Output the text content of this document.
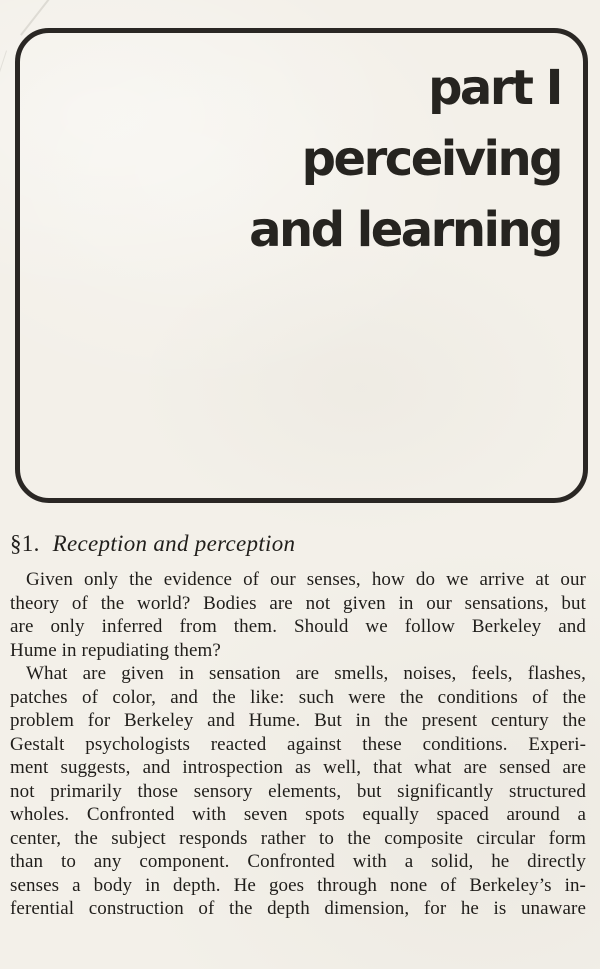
part I
perceiving
and learning
§1. Reception and perception
Given only the evidence of our senses, how do we arrive at our
theory of the world? Bodies are not given in our sensations, but
are only inferred from them. Should we follow Berkeley and
Hume in repudiating them?
What are given in sensation are smells, noises, feels, flashes,
patches of color, and the like: such were the conditions of the
problem for Berkeley and Hume. But in the present century the
Gestalt psychologists reacted against these conditions. Experi-
ment suggests, and introspection as well, that what are sensed are
not primarily those sensory elements, but significantly structured
wholes. Confronted with seven spots equally spaced around a
center, the subject responds rather to the composite circular form
than to any component. Confronted with a solid, he directly
senses a body in depth. He goes through none of Berkeley’s in-
ferential construction of the depth dimension, for he is unaware
